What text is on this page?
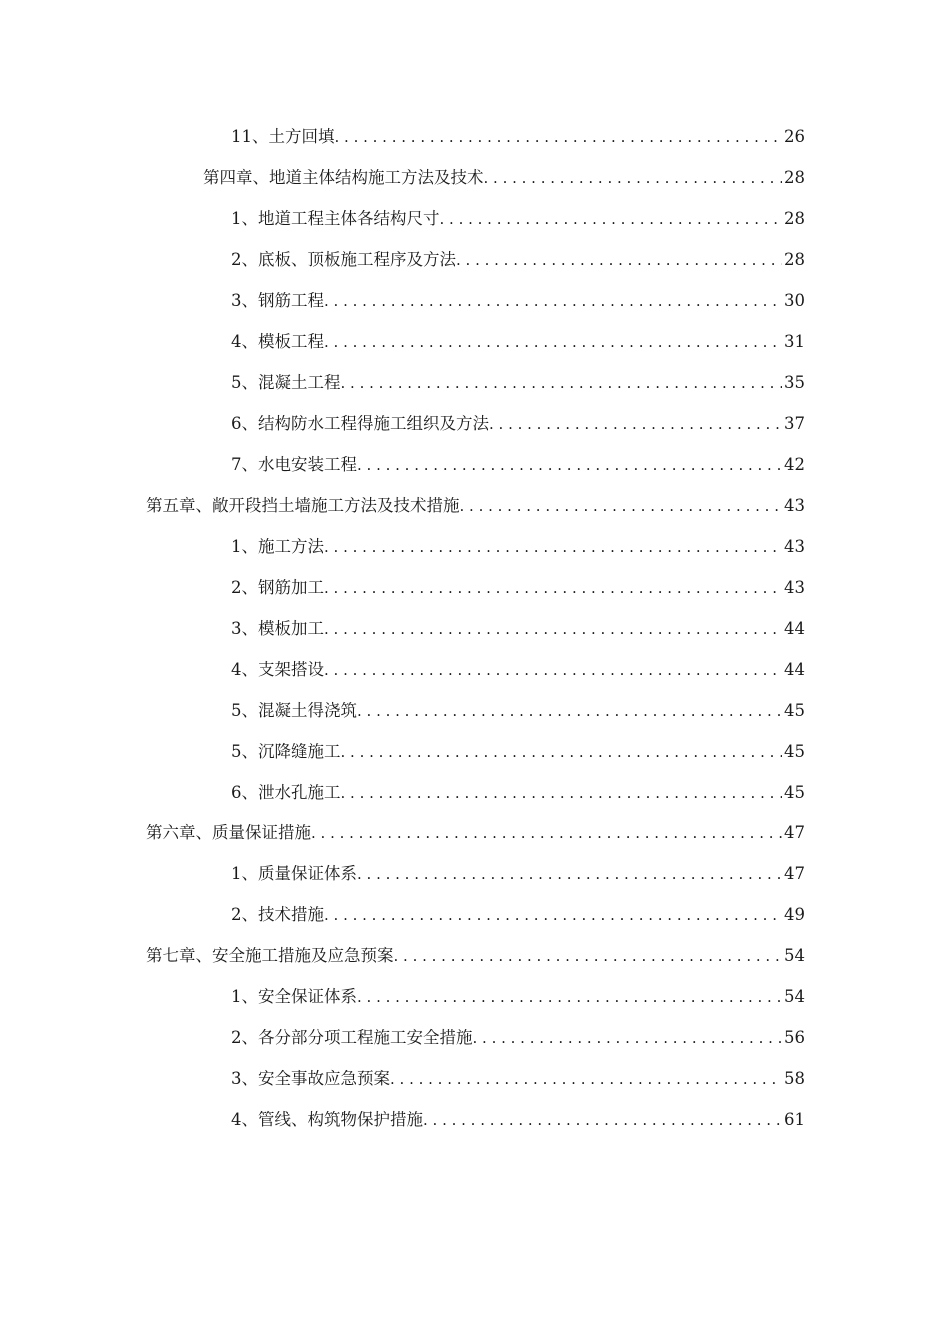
11、土方回填 . . .	26
第四章、地道主体结构施工方法及技术 . . .	28
1、地道工程主体各结构尺寸 . . .	28
2、底板、顶板施工程序及方法 . . .	28
3、钢筋工程 . . .	30
4、模板工程 . . .	31
5、混凝土工程 . . .	35
6、结构防水工程得施工组织及方法 . . .	37
7、水电安装工程 . . .	42
第五章、 敞开段挡土墙施工方法及技术措施 . . .	43
1、施工方法 . . .	43
2、钢筋加工 . . .	43
3、模板加工 . . .	44
4、支架搭设 . . .	44
5、混凝土得浇筑 . . .	45
5、沉降缝施工 . . .	45
6、泄水孔施工 . . .	45
第六章、 质量保证措施 . . .	47
1、质量保证体系 . . .	47
2、技术措施 . . .	49
第七章、 安全施工措施及应急预案 . . .	54
1、安全保证体系 . . .	54
2、各分部分项工程施工安全措施 . . .	56
3、安全事故应急预案 . . .	58
4、管线、构筑物保护措施 . . .	61
